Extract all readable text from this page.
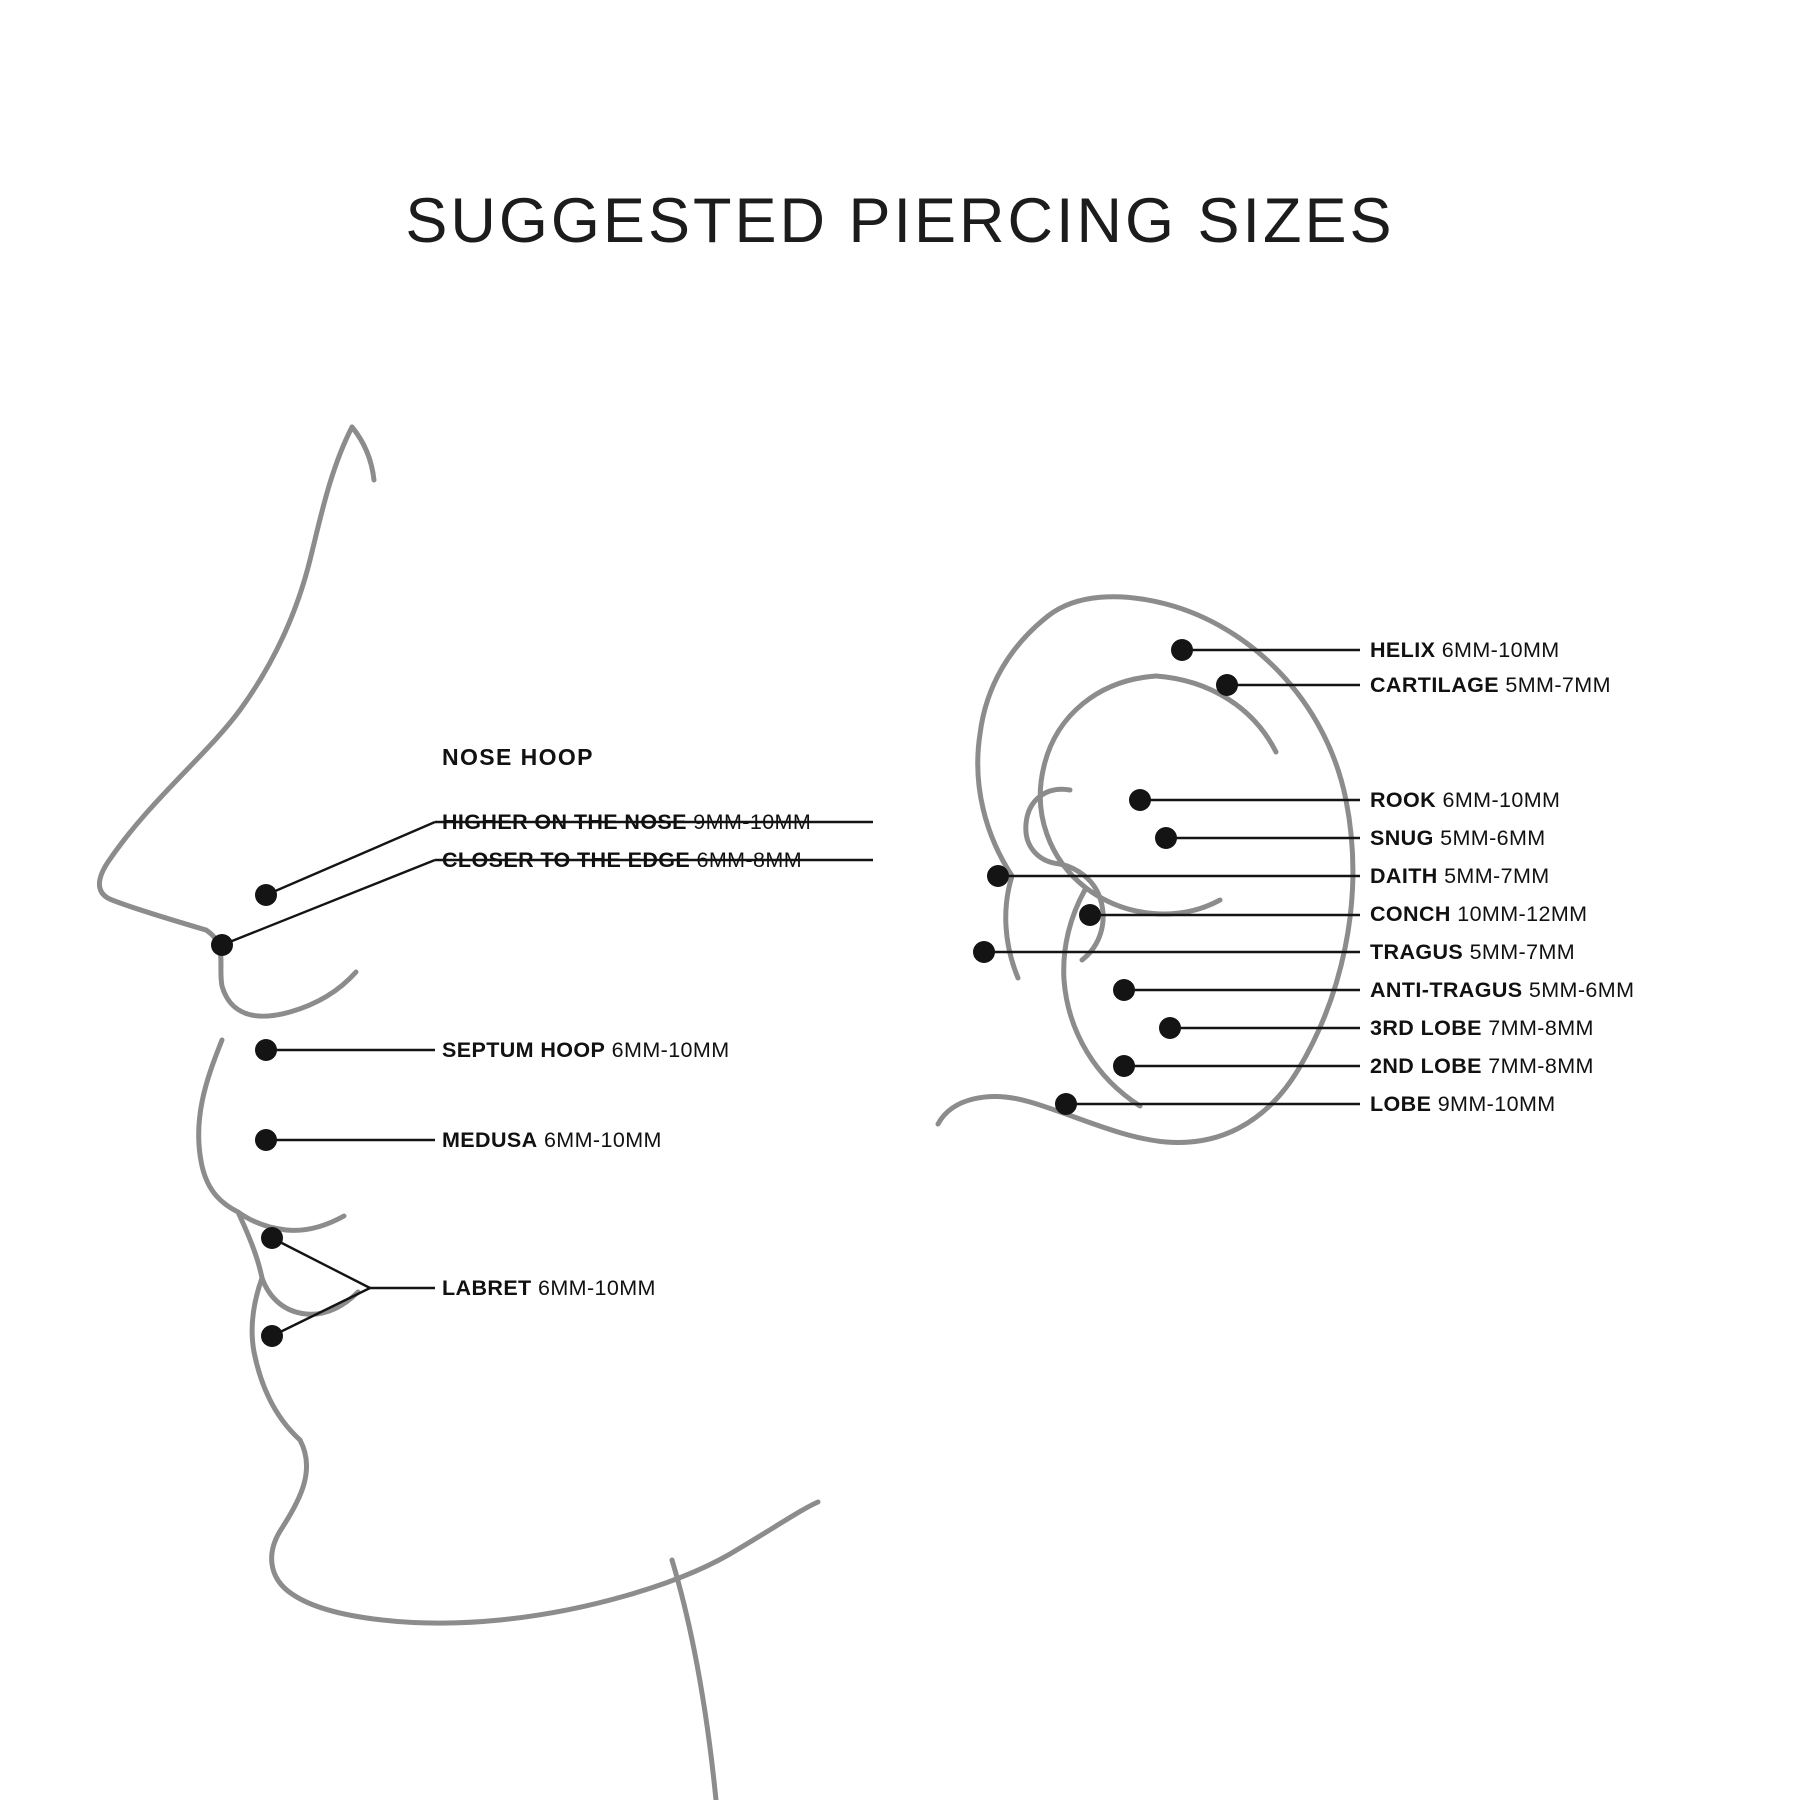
SUGGESTED PIERCING SIZES
NOSE HOOP
HIGHER ON THE NOSE 9MM-10MM
CLOSER TO THE EDGE 6MM-8MM
SEPTUM HOOP 6MM-10MM
MEDUSA 6MM-10MM
LABRET 6MM-10MM
HELIX 6MM-10MM
CARTILAGE 5MM-7MM
ROOK 6MM-10MM
SNUG 5MM-6MM
DAITH 5MM-7MM
CONCH 10MM-12MM
TRAGUS 5MM-7MM
ANTI-TRAGUS 5MM-6MM
3RD LOBE 7MM-8MM
2ND LOBE 7MM-8MM
LOBE 9MM-10MM
